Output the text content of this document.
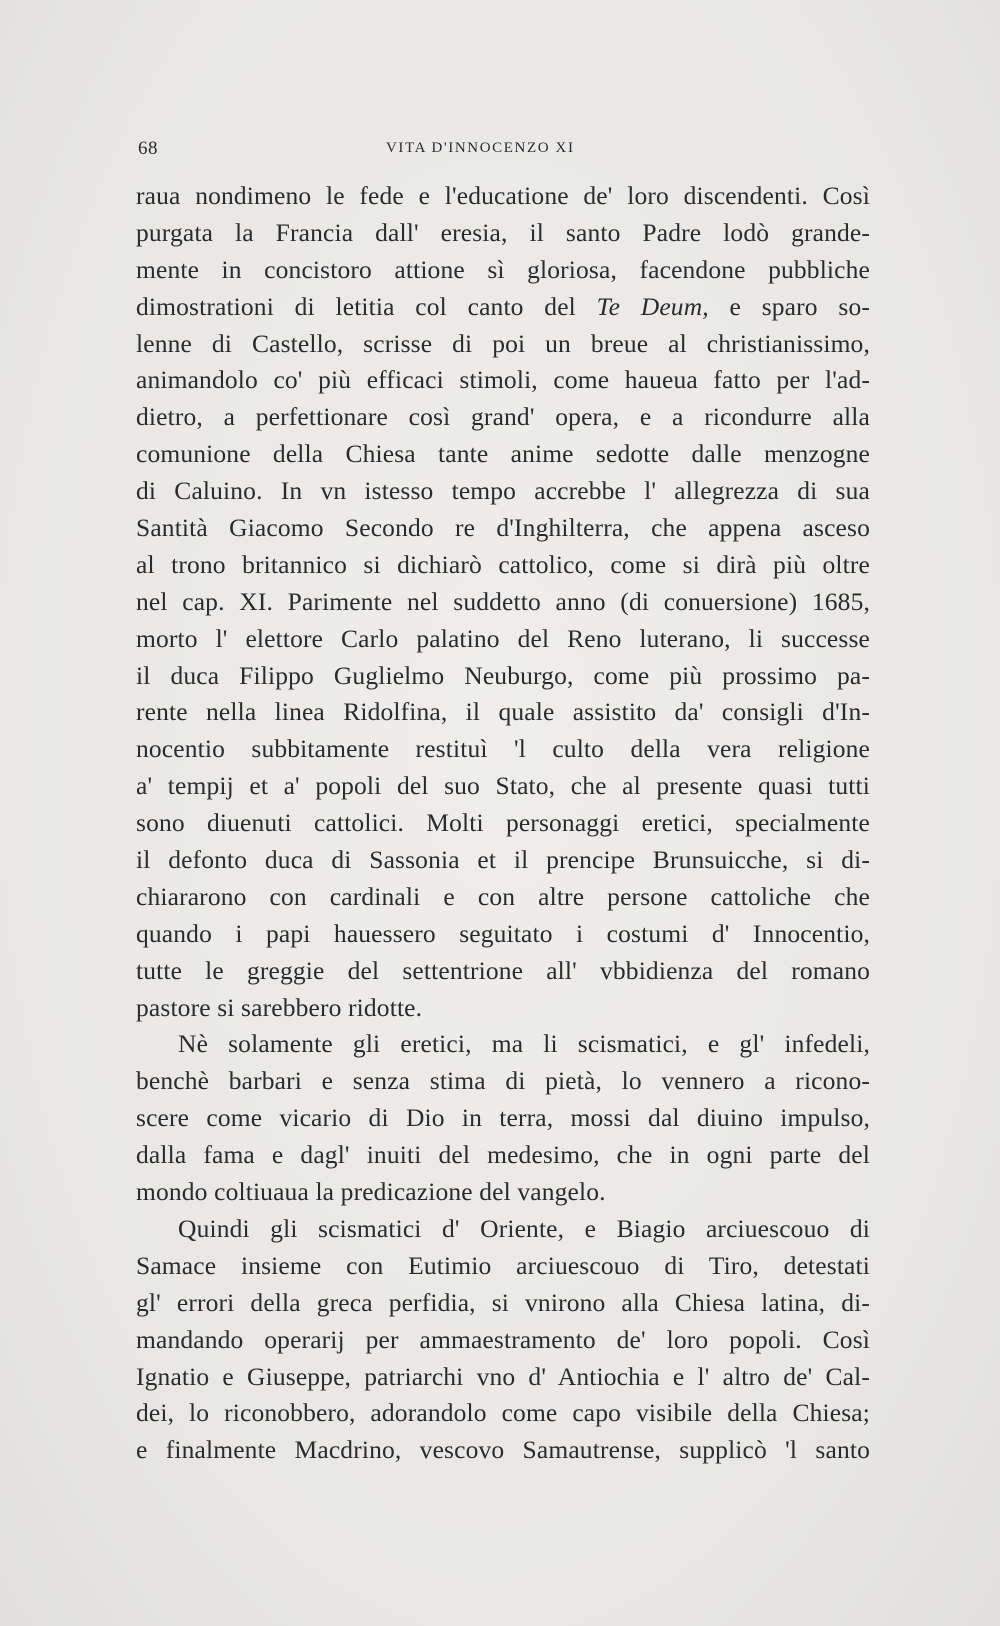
68	VITA D'INNOCENZO XI
raua nondimeno le fede e l'educatione de' loro discendenti. Così
purgata la Francia dall' eresia, il santo Padre lodò grande-
mente in concistoro attione sì gloriosa, facendone pubbliche
dimostrationi di letitia col canto del Te Deum, e sparo so-
lenne di Castello, scrisse di poi un breue al christianissimo,
animandolo co' più efficaci stimoli, come haueua fatto per l'ad-
dietro, a perfettionare così grand' opera, e a ricondurre alla
comunione della Chiesa tante anime sedotte dalle menzogne
di Caluino. In vn istesso tempo accrebbe l' allegrezza di sua
Santità Giacomo Secondo re d'Inghilterra, che appena asceso
al trono britannico si dichiarò cattolico, come si dirà più oltre
nel cap. XI. Parimente nel suddetto anno (di conuersione) 1685,
morto l' elettore Carlo palatino del Reno luterano, li successe
il duca Filippo Guglielmo Neuburgo, come più prossimo pa-
rente nella linea Ridolfina, il quale assistito da' consigli d'In-
nocentio subbitamente restituì 'l culto della vera religione
a' tempij et a' popoli del suo Stato, che al presente quasi tutti
sono diuenuti cattolici. Molti personaggi eretici, specialmente
il defonto duca di Sassonia et il prencipe Brunsuicche, si di-
chiararono con cardinali e con altre persone cattoliche che
quando i papi hauessero seguitato i costumi d' Innocentio,
tutte le greggie del settentrione all' vbbidienza del romano
pastore si sarebbero ridotte.
Nè solamente gli eretici, ma li scismatici, e gl' infedeli,
benchè barbari e senza stima di pietà, lo vennero a ricono-
scere come vicario di Dio in terra, mossi dal diuino impulso,
dalla fama e dagl' inuiti del medesimo, che in ogni parte del
mondo coltiuaua la predicazione del vangelo.
Quindi gli scismatici d' Oriente, e Biagio arciuescouo di
Samace insieme con Eutimio arciuescouo di Tiro, detestati
gl' errori della greca perfidia, si vnirono alla Chiesa latina, di-
mandando operarij per ammaestramento de' loro popoli. Così
Ignatio e Giuseppe, patriarchi vno d' Antiochia e l' altro de' Cal-
dei, lo riconobbero, adorandolo come capo visibile della Chiesa;
e finalmente Macdrino, vescovo Samautrense, supplicò 'l santo
